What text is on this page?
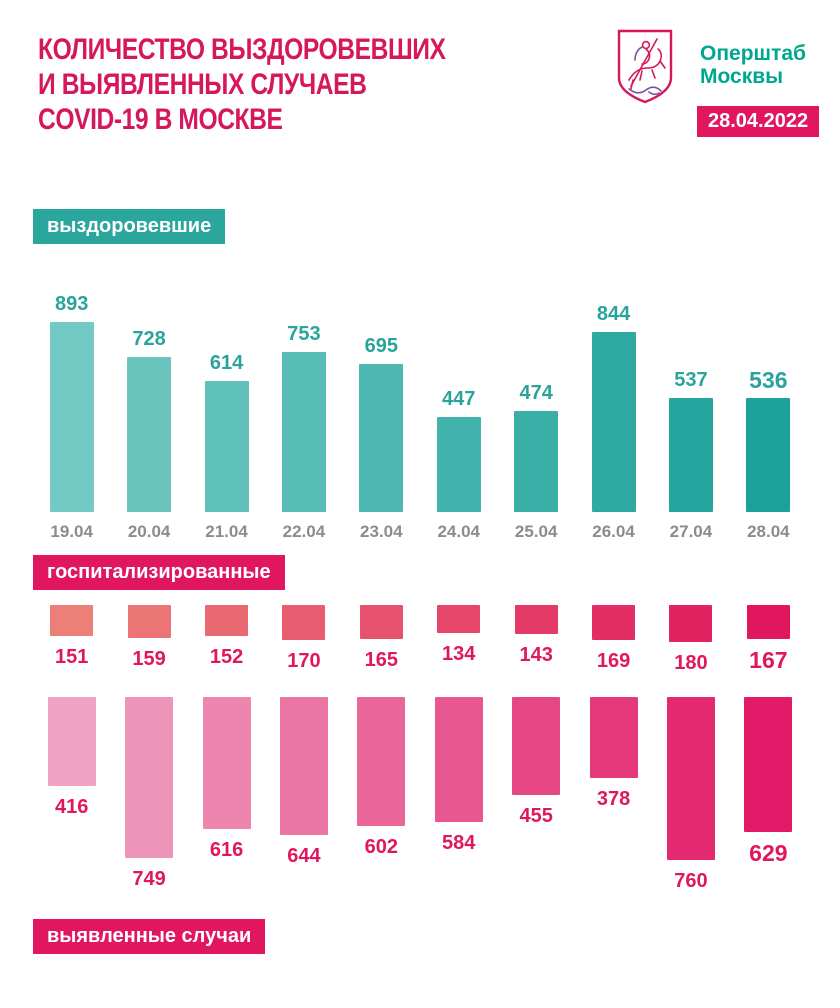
КОЛИЧЕСТВО ВЫЗДОРОВЕВШИХ
И ВЫЯВЛЕННЫХ СЛУЧАЕВ
COVID-19 В МОСКВЕ
Оперштаб
Москвы
28.04.2022
выздоровевшие
893
728
614
753
695
447 474
844
537 536
19.04 20.04 21.04 22.04 23.04 24.04 25.04 26.04 27.04 28.04
госпитализированные
151 159 152 170 165 134 143 169 180 167
416
749
616 644 602 584
455
378
760
629
выявленные случаи
